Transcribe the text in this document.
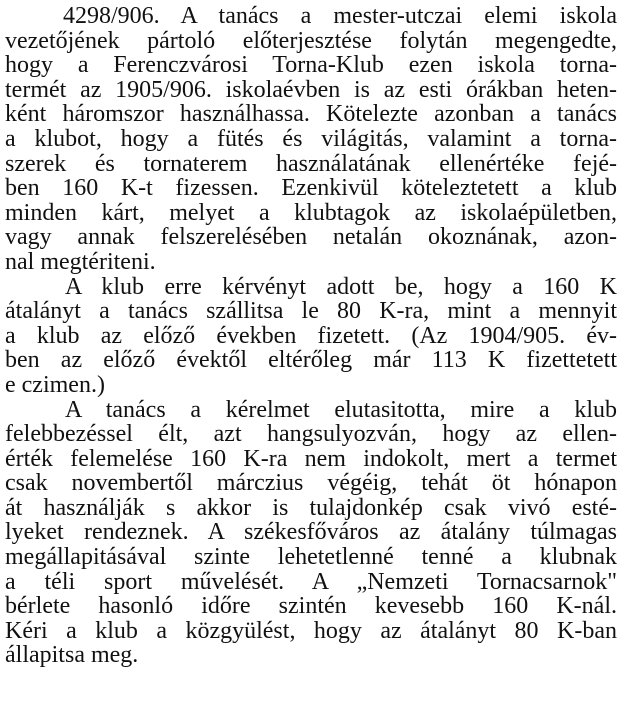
4298/906. A tanács a mester-utczai elemi iskola
vezetőjének pártoló előterjesztése folytán megengedte,
hogy a Ferenczvárosi Torna-Klub ezen iskola torna-
termét az 1905/906. iskolaévben is az esti órákban heten-
ként háromszor használhassa. Kötelezte azonban a tanács
a klubot, hogy a fütés és világitás, valamint a torna-
szerek és tornaterem használatának ellenértéke fejé-
ben 160 K-t fizessen. Ezenkivül köteleztetett a klub
minden kárt, melyet a klubtagok az iskolaépületben,
vagy annak felszerelésében netalán okoznának, azon-
nal megtériteni.
A klub erre kérvényt adott be, hogy a 160 K
átalányt a tanács szállitsa le 80 K-ra, mint a mennyit
a klub az előző években fizetett. (Az 1904/905. év-
ben az előző évektől eltérőleg már 113 K fizettetett
e czimen.)
A tanács a kérelmet elutasitotta, mire a klub
felebbezéssel élt, azt hangsulyozván, hogy az ellen-
érték felemelése 160 K-ra nem indokolt, mert a termet
csak novembertől márczius végéig, tehát öt hónapon
át használják s akkor is tulajdonkép csak vivó esté-
lyeket rendeznek. A székesfőváros az átalány túlmagas
megállapitásával szinte lehetetlenné tenné a klubnak
a téli sport művelését. A „Nemzeti Tornacsarnok"
bérlete hasonló időre szintén kevesebb 160 K-nál.
Kéri a klub a közgyülést, hogy az átalányt 80 K-ban
állapitsa meg.
